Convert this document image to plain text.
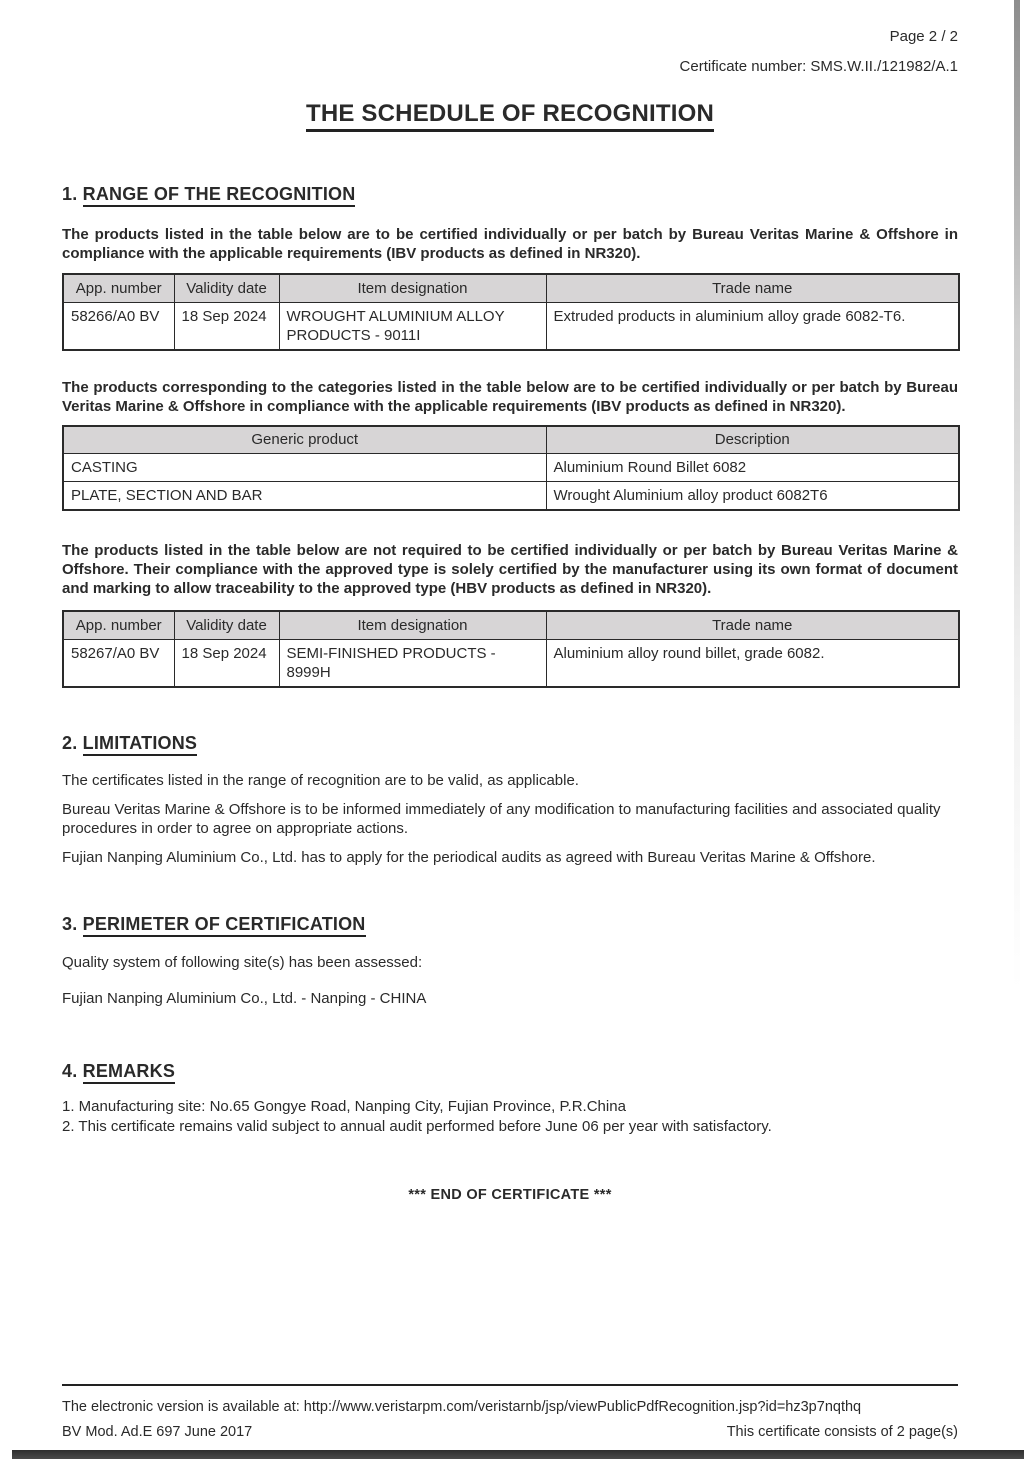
Page 2 / 2
Certificate number: SMS.W.II./121982/A.1
THE SCHEDULE OF RECOGNITION
1. RANGE OF THE RECOGNITION

The products listed in the table below are to be certified individually or per batch by Bureau Veritas Marine & Offshore in compliance with the applicable requirements (IBV products as defined in NR320).

App. number	Validity date	Item designation	Trade name
58266/A0 BV	18 Sep 2024	WROUGHT ALUMINIUM ALLOY PRODUCTS - 9011I	Extruded products in aluminium alloy grade 6082-T6.

The products corresponding to the categories listed in the table below are to be certified individually or per batch by Bureau Veritas Marine & Offshore in compliance with the applicable requirements (IBV products as defined in NR320).

Generic product	Description
CASTING	Aluminium Round Billet 6082
PLATE, SECTION AND BAR	Wrought Aluminium alloy product 6082T6

The products listed in the table below are not required to be certified individually or per batch by Bureau Veritas Marine & Offshore. Their compliance with the approved type is solely certified by the manufacturer using its own format of document and marking to allow traceability to the approved type (HBV products as defined in NR320).

App. number	Validity date	Item designation	Trade name
58267/A0 BV	18 Sep 2024	SEMI-FINISHED PRODUCTS - 8999H	Aluminium alloy round billet, grade 6082.
2. LIMITATIONS

The certificates listed in the range of recognition are to be valid, as applicable.

Bureau Veritas Marine & Offshore is to be informed immediately of any modification to manufacturing facilities and associated quality procedures in order to agree on appropriate actions.

Fujian Nanping Aluminium Co., Ltd. has to apply for the periodical audits as agreed with Bureau Veritas Marine & Offshore.

3. PERIMETER OF CERTIFICATION

Quality system of following site(s) has been assessed:

Fujian Nanping Aluminium Co., Ltd. - Nanping - CHINA

4. REMARKS
1. Manufacturing site: No.65 Gongye Road, Nanping City, Fujian Province, P.R.China
2. This certificate remains valid subject to annual audit performed before June 06 per year with satisfactory.
*** END OF CERTIFICATE ***
The electronic version is available at: http://www.veristarpm.com/veristarnb/jsp/viewPublicPdfRecognition.jsp?id=hz3p7nqthq
BV Mod. Ad.E 697 June 2017	This certificate consists of 2 page(s)
